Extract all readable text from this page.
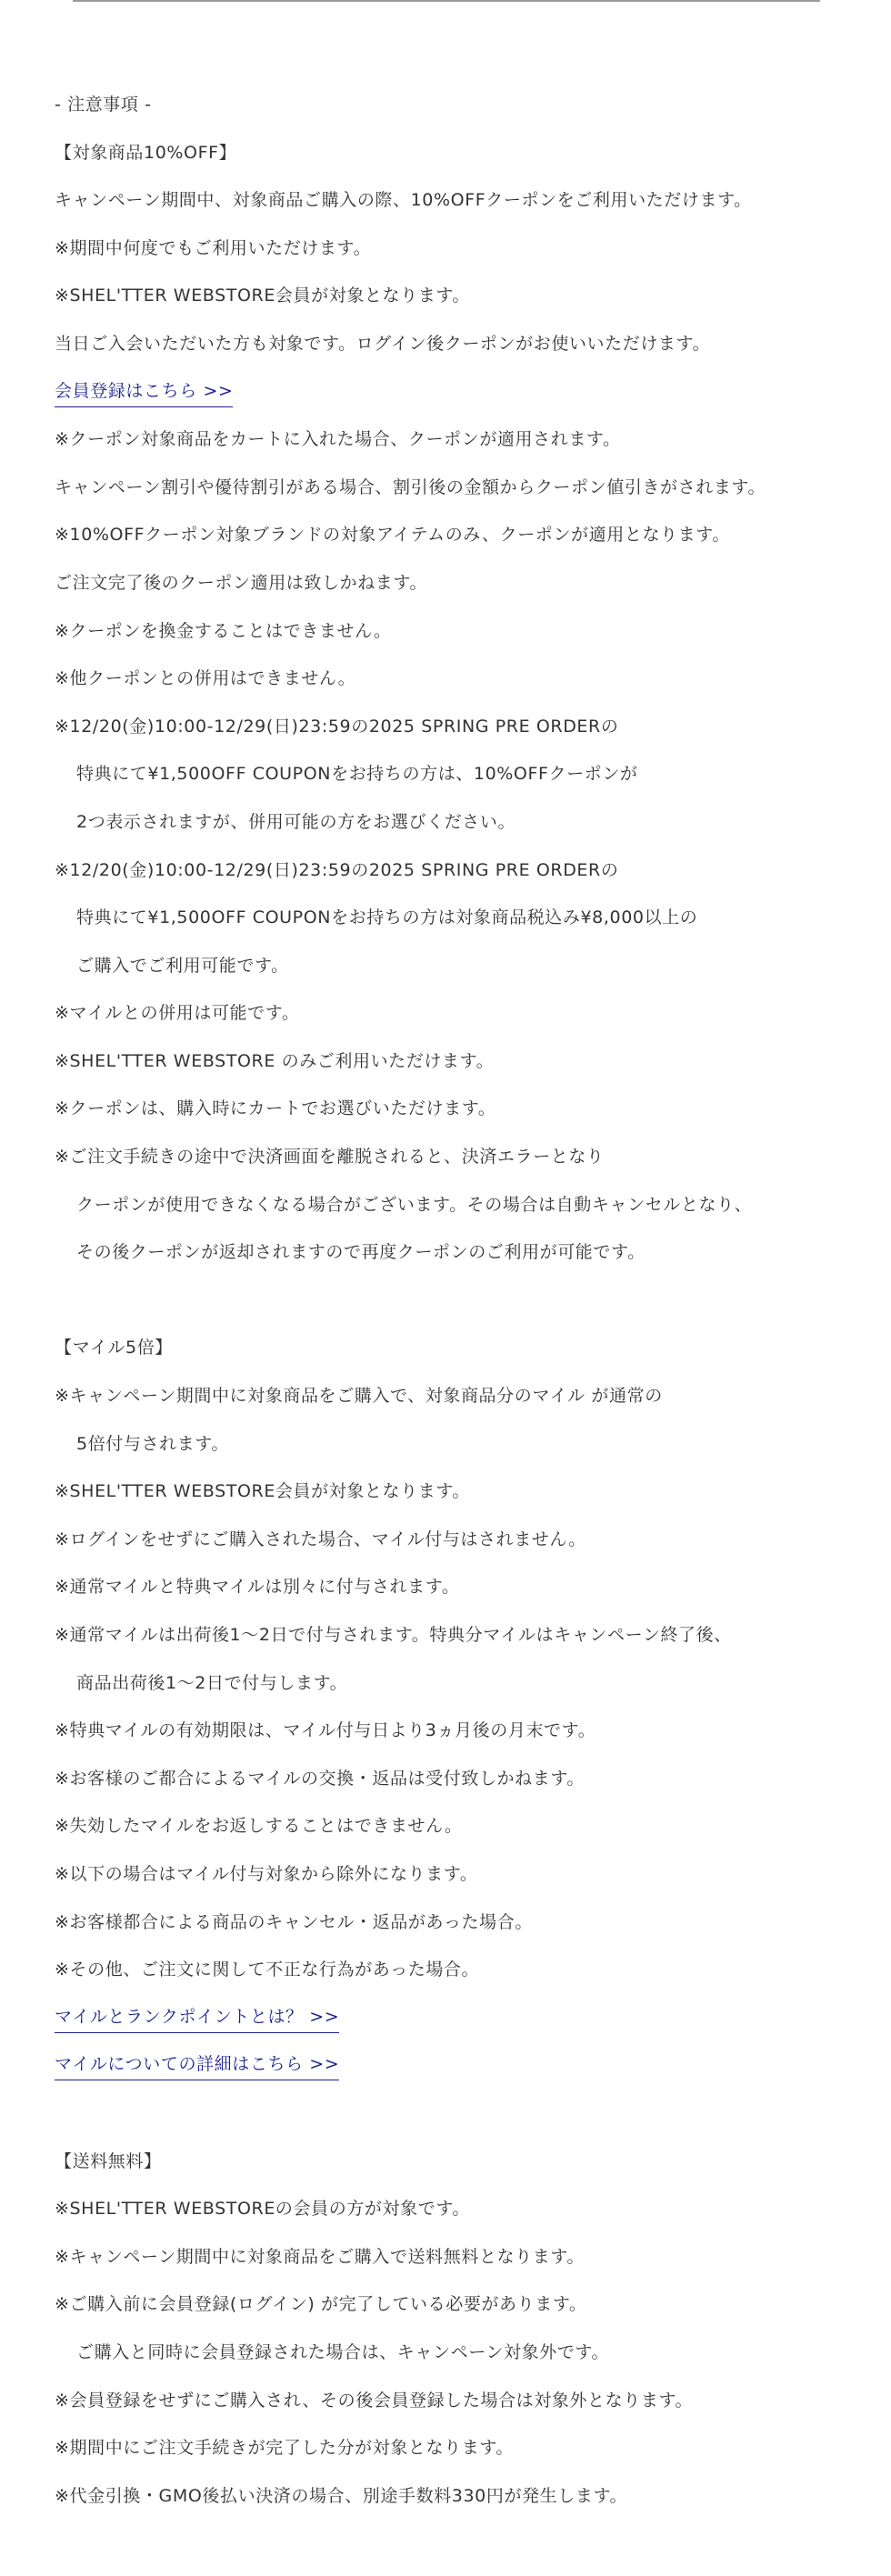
- 注意事項 -
【対象商品10%OFF】
キャンペーン期間中、対象商品ご購入の際、10%OFFクーポンをご利用いただけます。
※期間中何度でもご利用いただけます。
※SHEL'TTER WEBSTORE会員が対象となります。
当日ご入会いただいた方も対象です。ログイン後クーポンがお使いいただけます。
会員登録はこちら >>
※クーポン対象商品をカートに入れた場合、クーポンが適用されます。
キャンペーン割引や優待割引がある場合、割引後の金額からクーポン値引きがされます。
※10%OFFクーポン対象ブランドの対象アイテムのみ、クーポンが適用となります。
ご注文完了後のクーポン適用は致しかねます。
※クーポンを換金することはできません。
※他クーポンとの併用はできません。
※12/20(金)10:00-12/29(日)23:59の2025 SPRING PRE ORDERの
特典にて¥1,500OFF COUPONをお持ちの方は、10%OFFクーポンが
2つ表示されますが、併用可能の方をお選びください。
※12/20(金)10:00-12/29(日)23:59の2025 SPRING PRE ORDERの
特典にて¥1,500OFF COUPONをお持ちの方は対象商品税込み¥8,000以上の
ご購入でご利用可能です。
※マイルとの併用は可能です。
※SHEL'TTER WEBSTORE のみご利用いただけます。
※クーポンは、購入時にカートでお選びいただけます。
※ご注文手続きの途中で決済画面を離脱されると、決済エラーとなり
クーポンが使用できなくなる場合がございます。その場合は自動キャンセルとなり、
その後クーポンが返却されますので再度クーポンのご利用が可能です。
【マイル5倍】
※キャンペーン期間中に対象商品をご購入で、対象商品分のマイル が通常の
5倍付与されます。
※SHEL'TTER WEBSTORE会員が対象となります。
※ログインをせずにご購入された場合、マイル付与はされません。
※通常マイルと特典マイルは別々に付与されます。
※通常マイルは出荷後1〜2日で付与されます。特典分マイルはキャンペーン終了後、
商品出荷後1〜2日で付与します。
※特典マイルの有効期限は、マイル付与日より3ヵ月後の月末です。
※お客様のご都合によるマイルの交換・返品は受付致しかねます。
※失効したマイルをお返しすることはできません。
※以下の場合はマイル付与対象から除外になります。
※お客様都合による商品のキャンセル・返品があった場合。
※その他、ご注文に関して不正な行為があった場合。
マイルとランクポイントとは？ >>
マイルについての詳細はこちら >>
【送料無料】
※SHEL'TTER WEBSTOREの会員の方が対象です。
※キャンペーン期間中に対象商品をご購入で送料無料となります。
※ご購入前に会員登録(ログイン) が完了している必要があります。
ご購入と同時に会員登録された場合は、キャンペーン対象外です。
※会員登録をせずにご購入され、その後会員登録した場合は対象外となります。
※期間中にご注文手続きが完了した分が対象となります。
※代金引換・GMO後払い決済の場合、別途手数料330円が発生します。
